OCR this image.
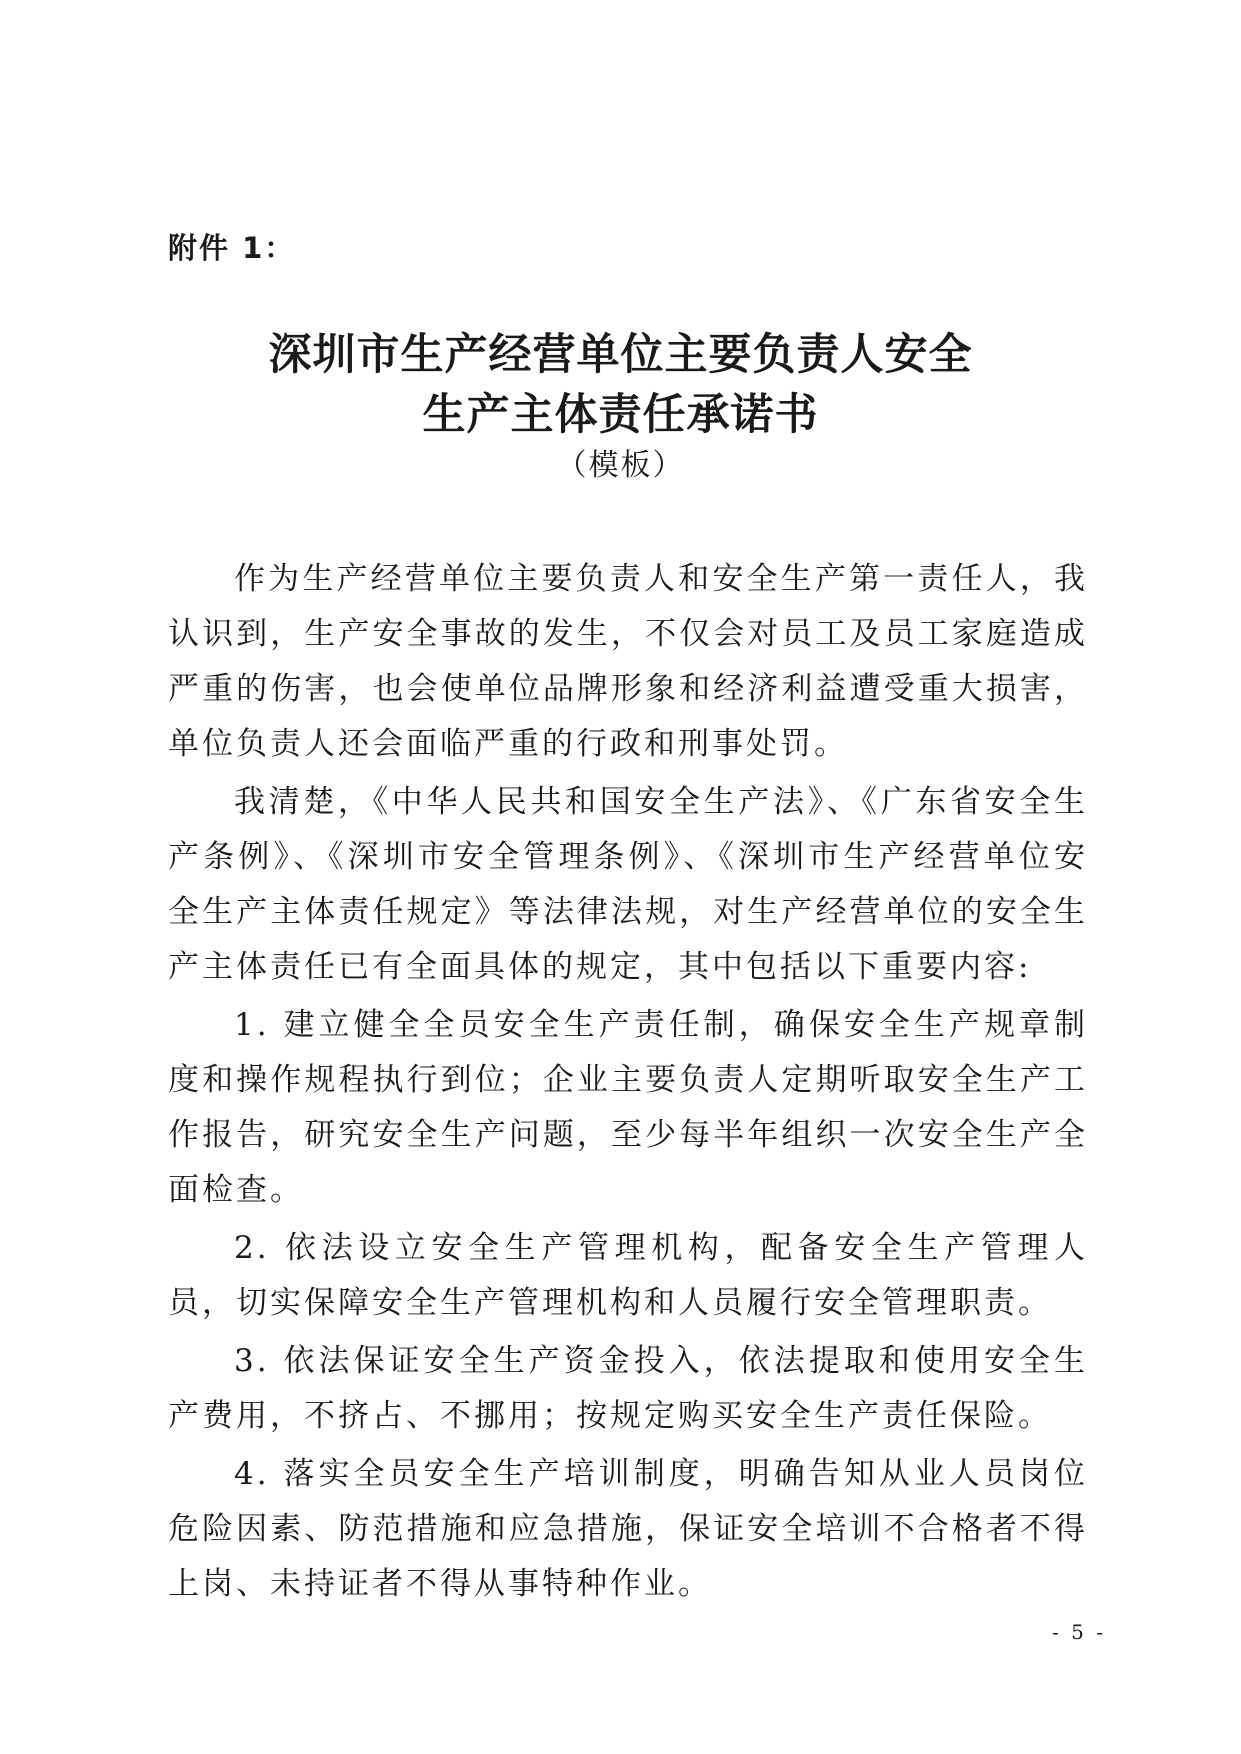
附件 1：
深圳市生产经营单位主要负责人安全
生产主体责任承诺书
（模板）

作为生产经营单位主要负责人和安全生产第一责任人，我认识到，生产安全事故的发生，不仅会对员工及员工家庭造成严重的伤害，也会使单位品牌形象和经济利益遭受重大损害，单位负责人还会面临严重的行政和刑事处罚。

我清楚，《中华人民共和国安全生产法》、《广东省安全生产条例》、《深圳市安全管理条例》、《深圳市生产经营单位安全生产主体责任规定》等法律法规，对生产经营单位的安全生产主体责任已有全面具体的规定，其中包括以下重要内容:

1. 建立健全全员安全生产责任制，确保安全生产规章制度和操作规程执行到位；企业主要负责人定期听取安全生产工作报告，研究安全生产问题，至少每半年组织一次安全生产全面检查。

2. 依法设立安全生产管理机构，配备安全生产管理人员，切实保障安全生产管理机构和人员履行安全管理职责。

3. 依法保证安全生产资金投入，依法提取和使用安全生产费用，不挤占、不挪用；按规定购买安全生产责任保险。

4. 落实全员安全生产培训制度，明确告知从业人员岗位危险因素、防范措施和应急措施，保证安全培训不合格者不得上岗、未持证者不得从事特种作业。

- 5 -
